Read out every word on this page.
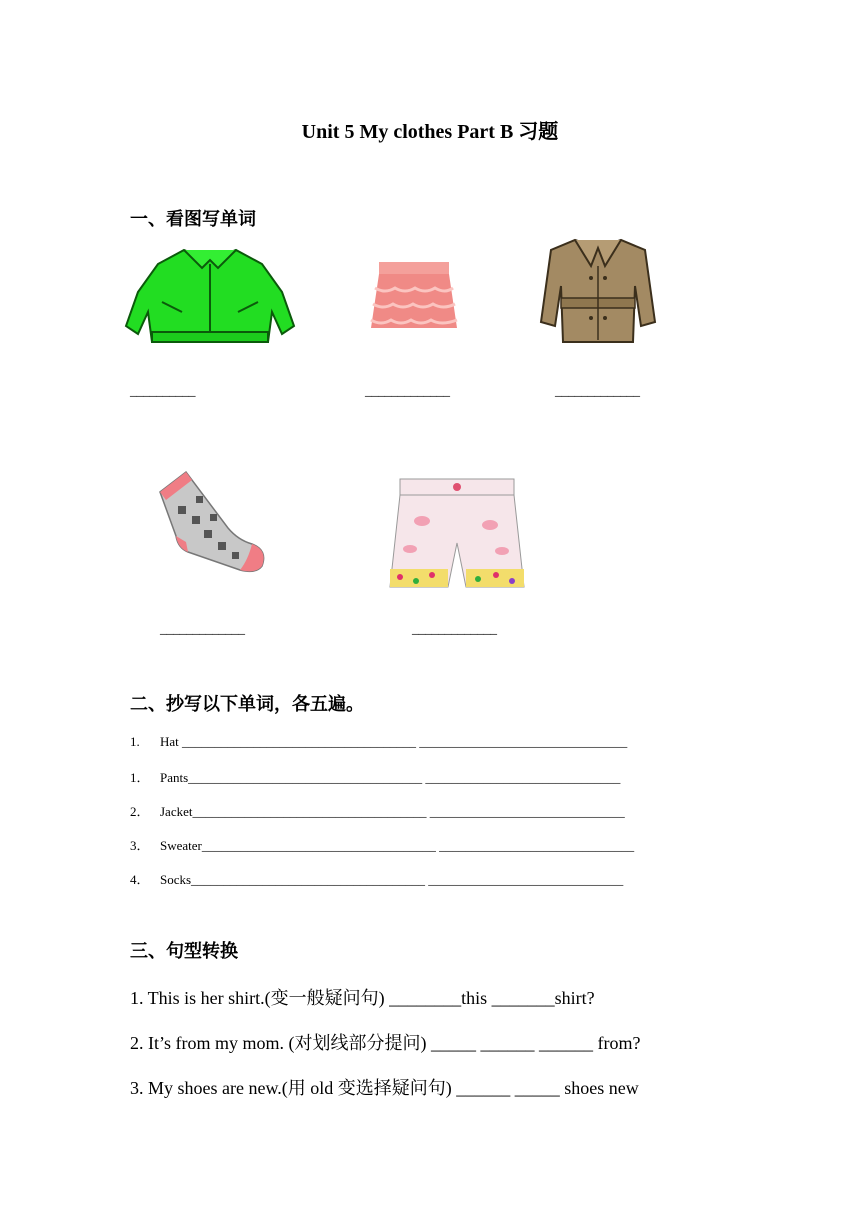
Unit 5 My clothes Part B 习题
一、看图写单词
__________	_____________	_____________
_____________	_____________
二、抄写以下单词，各五遍。
1. Hat ____________________________________ ________________________________
1． Pants____________________________________ ______________________________
2． Jacket____________________________________ ______________________________
3． Sweater____________________________________ ______________________________
4． Socks____________________________________ ______________________________
三、句型转换
1. This is her shirt.(变一般疑问句) ________this _______shirt?
2. It’s from my mom. (对划线部分提问) _____ ______ ______ from?
3. My shoes are new.(用 old 变选择疑问句) ______ _____ shoes new
